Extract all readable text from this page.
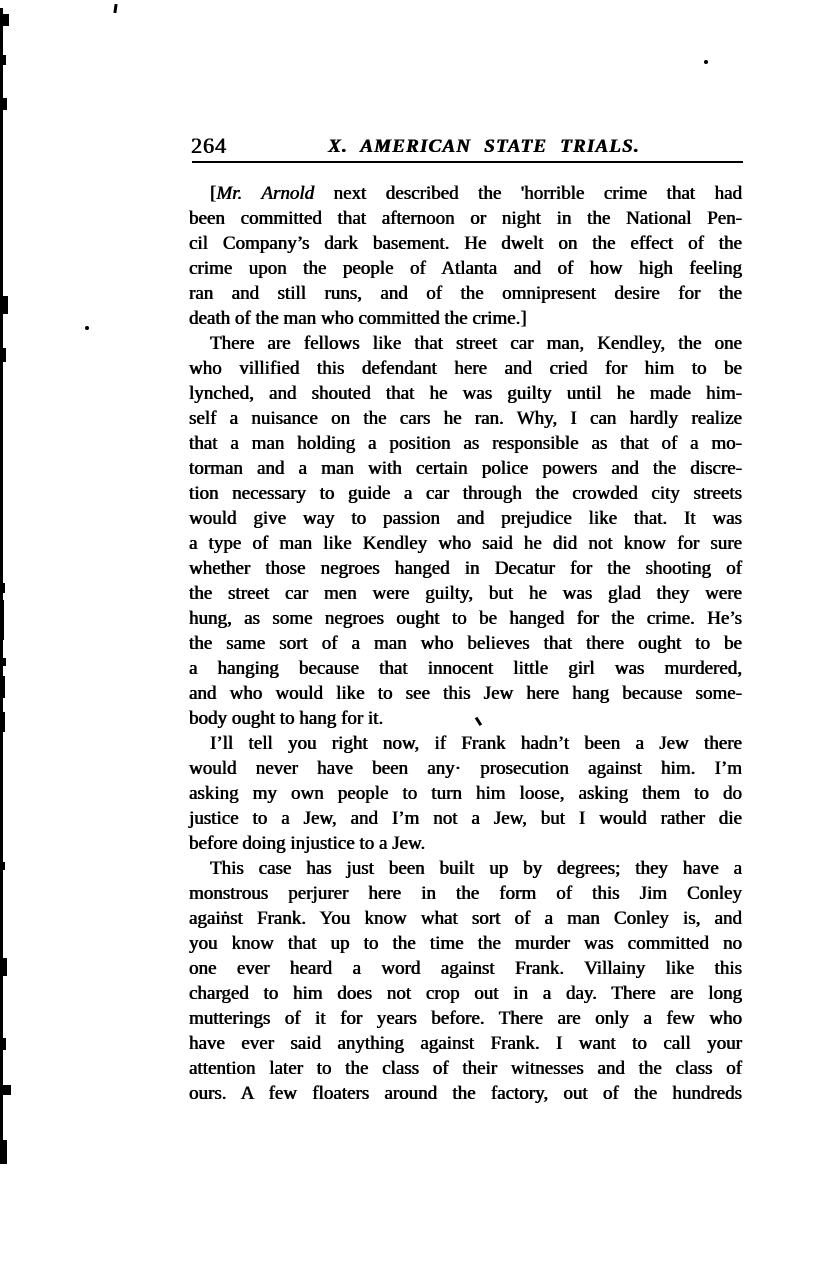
264	X. AMERICAN STATE TRIALS.
[Mr. Arnold next described the 'horrible crime that had
been committed that afternoon or night in the National Pen-
cil Company’s dark basement. He dwelt on the effect of the
crime upon the people of Atlanta and of how high feeling
ran and still runs, and of the omnipresent desire for the
death of the man who committed the crime.]
There are fellows like that street car man, Kendley, the one
who villified this defendant here and cried for him to be
lynched, and shouted that he was guilty until he made him-
self a nuisance on the cars he ran. Why, I can hardly realize
that a man holding a position as responsible as that of a mo-
torman and a man with certain police powers and the discre-
tion necessary to guide a car through the crowded city streets
would give way to passion and prejudice like that. It was
a type of man like Kendley who said he did not know for sure
whether those negroes hanged in Decatur for the shooting of
the street car men were guilty, but he was glad they were
hung, as some negroes ought to be hanged for the crime. He’s
the same sort of a man who believes that there ought to be
a hanging because that innocent little girl was murdered,
and who would like to see this Jew here hang because some-
body ought to hang for it.
I’ll tell you right now, if Frank hadn’t been a Jew there
would never have been any· prosecution against him. I’m
asking my own people to turn him loose, asking them to do
justice to a Jew, and I’m not a Jew, but I would rather die
before doing injustice to a Jew.
This case has just been built up by degrees; they have a
monstrous perjurer here in the form of this Jim Conley
agaiṅst Frank. You know what sort of a man Conley is, and
you know that up to the time the murder was committed no
one ever heard a word against Frank. Villainy like this
charged to him does not crop out in a day. There are long
mutterings of it for years before. There are only a few who
have ever said anything against Frank. I want to call your
attention later to the class of their witnesses and the class of
ours. A few floaters around the factory, out of the hundreds
